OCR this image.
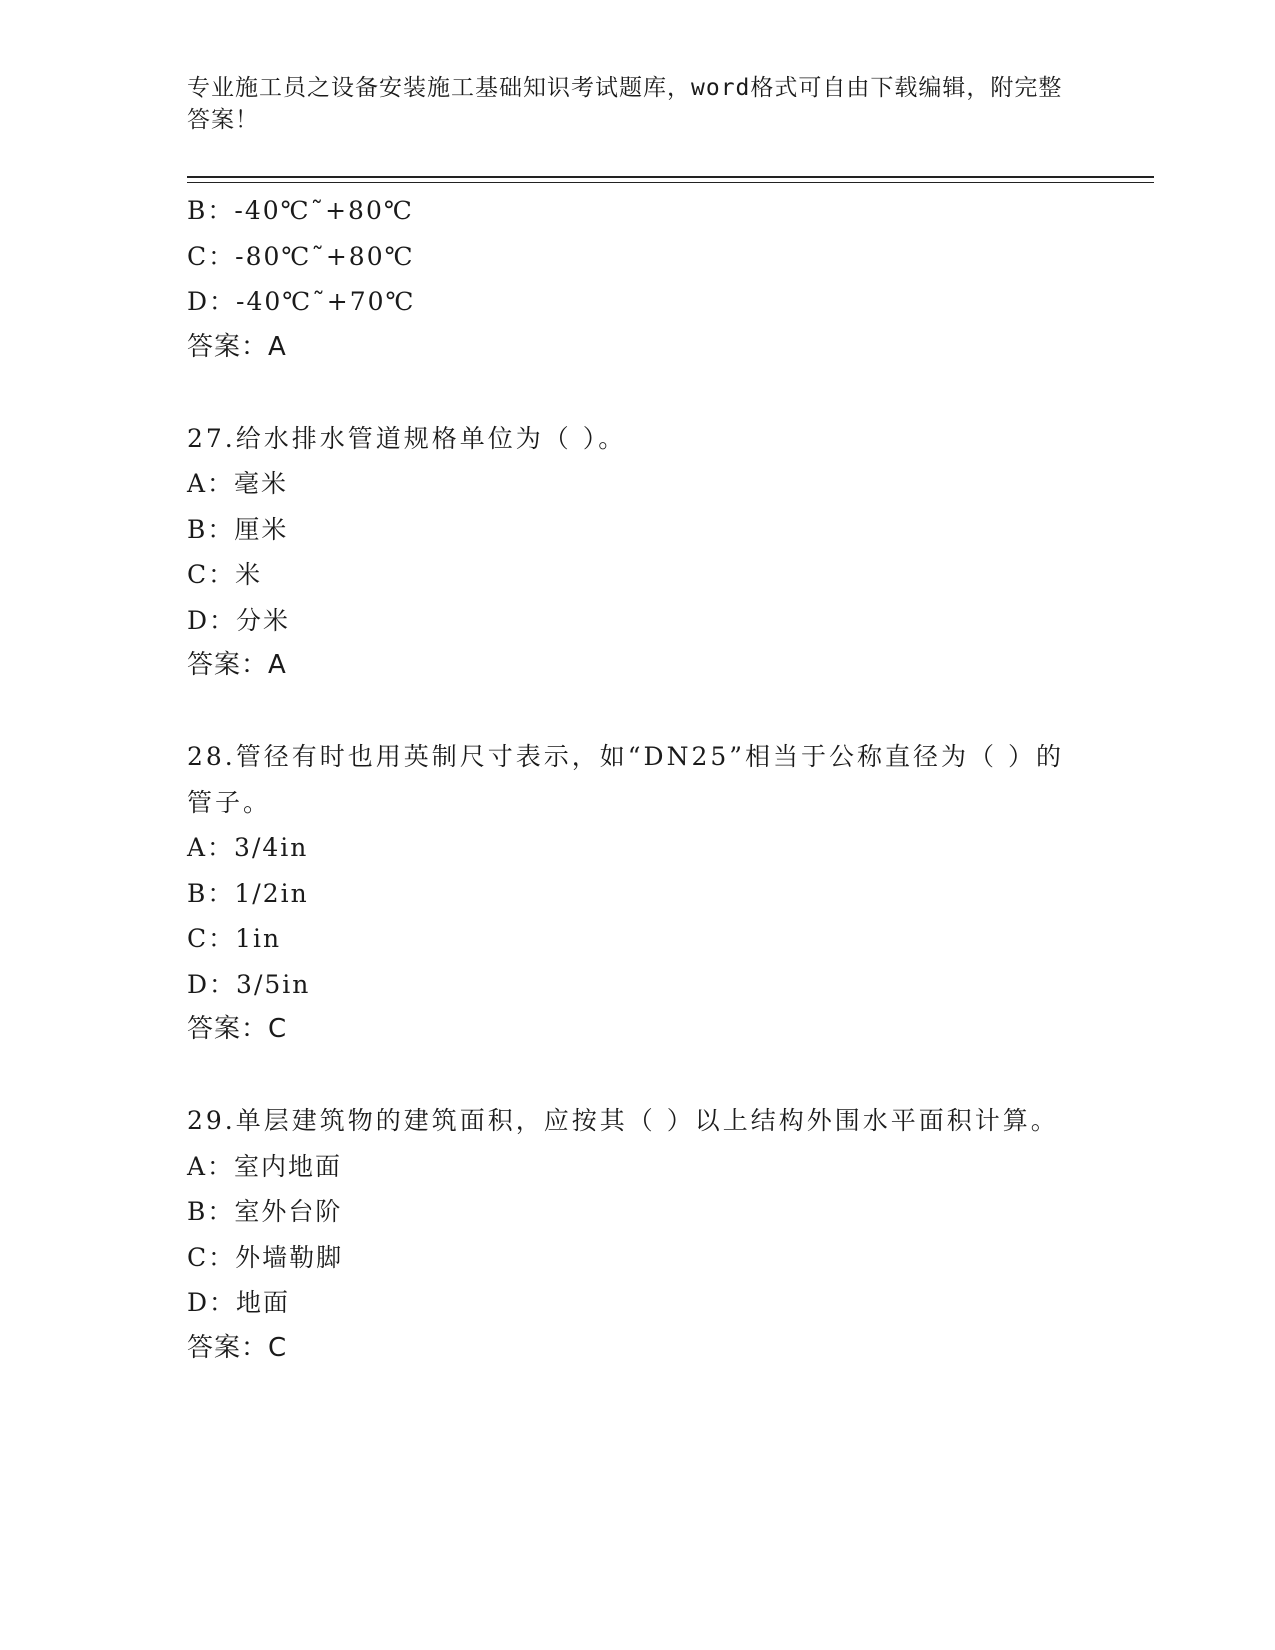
专业施工员之设备安装施工基础知识考试题库，word格式可自由下载编辑，附完整答案！
B：-40℃˜+80℃
C：-80℃˜+80℃
D：-40℃˜+70℃
答案：A
27.给水排水管道规格单位为（ ）。
A：毫米
B：厘米
C：米
D：分米
答案：A
28.管径有时也用英制尺寸表示，如“DN25”相当于公称直径为（ ）的管子。
A：3/4in
B：1/2in
C：1in
D：3/5in
答案：C
29.单层建筑物的建筑面积，应按其（ ）以上结构外围水平面积计算。
A：室内地面
B：室外台阶
C：外墙勒脚
D：地面
答案：C
